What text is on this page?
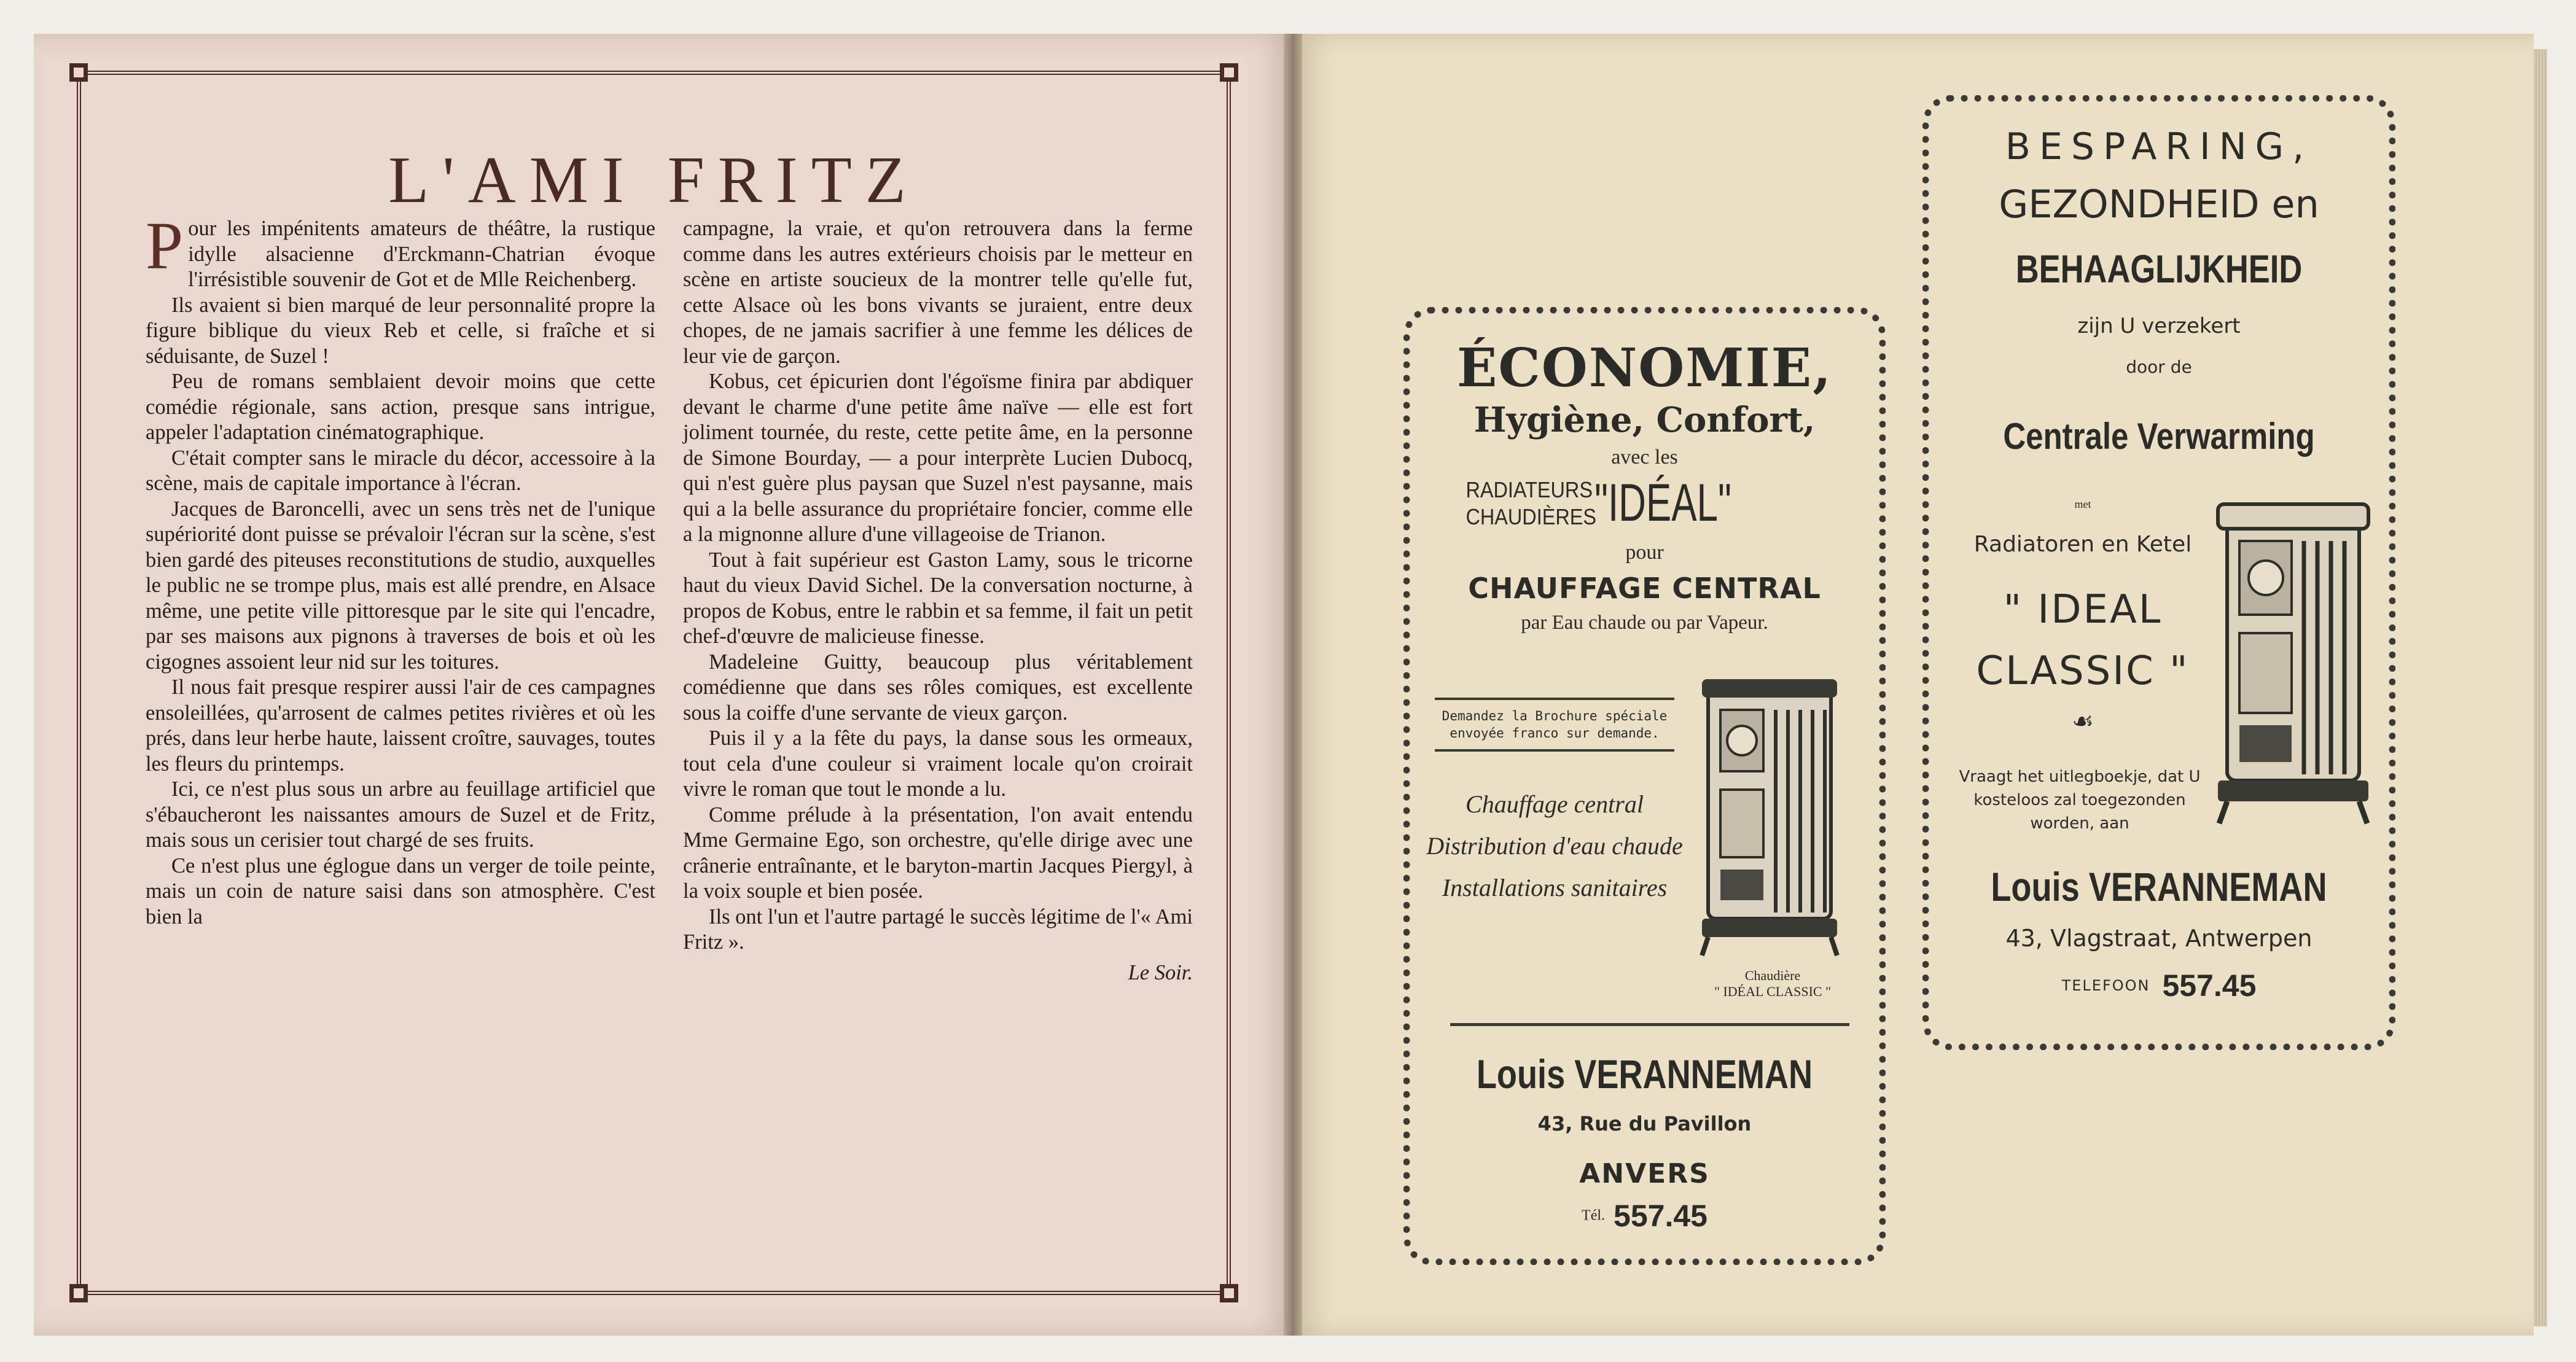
L'AMI FRITZ

Pour les impénitents amateurs de théâtre, la rustique idylle alsacienne d'Erckmann-Chatrian évoque l'irrésistible souvenir de Got et de Mlle Reichenberg.

Ils avaient si bien marqué de leur personnalité propre la figure biblique du vieux Reb et celle, si fraîche et si séduisante, de Suzel !

Peu de romans semblaient devoir moins que cette comédie régionale, sans action, presque sans intrigue, appeler l'adaptation cinématographique.

C'était compter sans le miracle du décor, accessoire à la scène, mais de capitale importance à l'écran.

Jacques de Baroncelli, avec un sens très net de l'unique supériorité dont puisse se prévaloir l'écran sur la scène, s'est bien gardé des piteuses reconstitutions de studio, auxquelles le public ne se trompe plus, mais est allé prendre, en Alsace même, une petite ville pittoresque par le site qui l'encadre, par ses maisons aux pignons à traverses de bois et où les cigognes assoient leur nid sur les toitures.

Il nous fait presque respirer aussi l'air de ces campagnes ensoleillées, qu'arrosent de calmes petites rivières et où les prés, dans leur herbe haute, laissent croître, sauvages, toutes les fleurs du printemps.

Ici, ce n'est plus sous un arbre au feuillage artificiel que s'ébaucheront les naissantes amours de Suzel et de Fritz, mais sous un cerisier tout chargé de ses fruits.

Ce n'est plus une églogue dans un verger de toile peinte, mais un coin de nature saisi dans son atmosphère. C'est bien la

campagne, la vraie, et qu'on retrouvera dans la ferme comme dans les autres extérieurs choisis par le metteur en scène en artiste soucieux de la montrer telle qu'elle fut, cette Alsace où les bons vivants se juraient, entre deux chopes, de ne jamais sacrifier à une femme les délices de leur vie de garçon.

Kobus, cet épicurien dont l'égoïsme finira par abdiquer devant le charme d'une petite âme naïve — elle est fort joliment tournée, du reste, cette petite âme, en la personne de Simone Bourday, — a pour interprète Lucien Dubocq, qui n'est guère plus paysan que Suzel n'est paysanne, mais qui a la belle assurance du propriétaire foncier, comme elle a la mignonne allure d'une villageoise de Trianon.

Tout à fait supérieur est Gaston Lamy, sous le tricorne haut du vieux David Sichel. De la conversation nocturne, à propos de Kobus, entre le rabbin et sa femme, il fait un petit chef-d'œuvre de malicieuse finesse.

Madeleine Guitty, beaucoup plus véritablement comédienne que dans ses rôles comiques, est excellente sous la coiffe d'une servante de vieux garçon.

Puis il y a la fête du pays, la danse sous les ormeaux, tout cela d'une couleur si vraiment locale qu'on croirait vivre le roman que tout le monde a lu.

Comme prélude à la présentation, l'on avait entendu Mme Germaine Ego, son orchestre, qu'elle dirige avec une crânerie entraînante, et le baryton-martin Jacques Piergyl, à la voix souple et bien posée.

Ils ont l'un et l'autre partagé le succès légitime de l'« Ami Fritz ».

Le Soir.
ÉCONOMIE,
Hygiène, Confort,
avec les
RADIATEURS
CHAUDIÈRES
"IDÉAL"
pour
CHAUFFAGE CENTRAL
par Eau chaude ou par Vapeur.
Demandez la Brochure spéciale envoyée franco sur demande.
Chauffage central
Distribution d'eau chaude
Installations sanitaires
Chaudière
" IDÉAL CLASSIC "
Louis VERANNEMAN
43, Rue du Pavillon
ANVERS
Tél. 557.45
BESPARING,
GEZONDHEID en
BEHAAGLIJKHEID
zijn U verzekert
door de
Centrale Verwarming
met
Radiatoren en Ketel
" IDEAL
CLASSIC "
☙
Vraagt het uitlegboekje, dat U kosteloos zal toegezonden worden, aan
Louis VERANNEMAN
43, Vlagstraat, Antwerpen
TELEFOON 557.45
